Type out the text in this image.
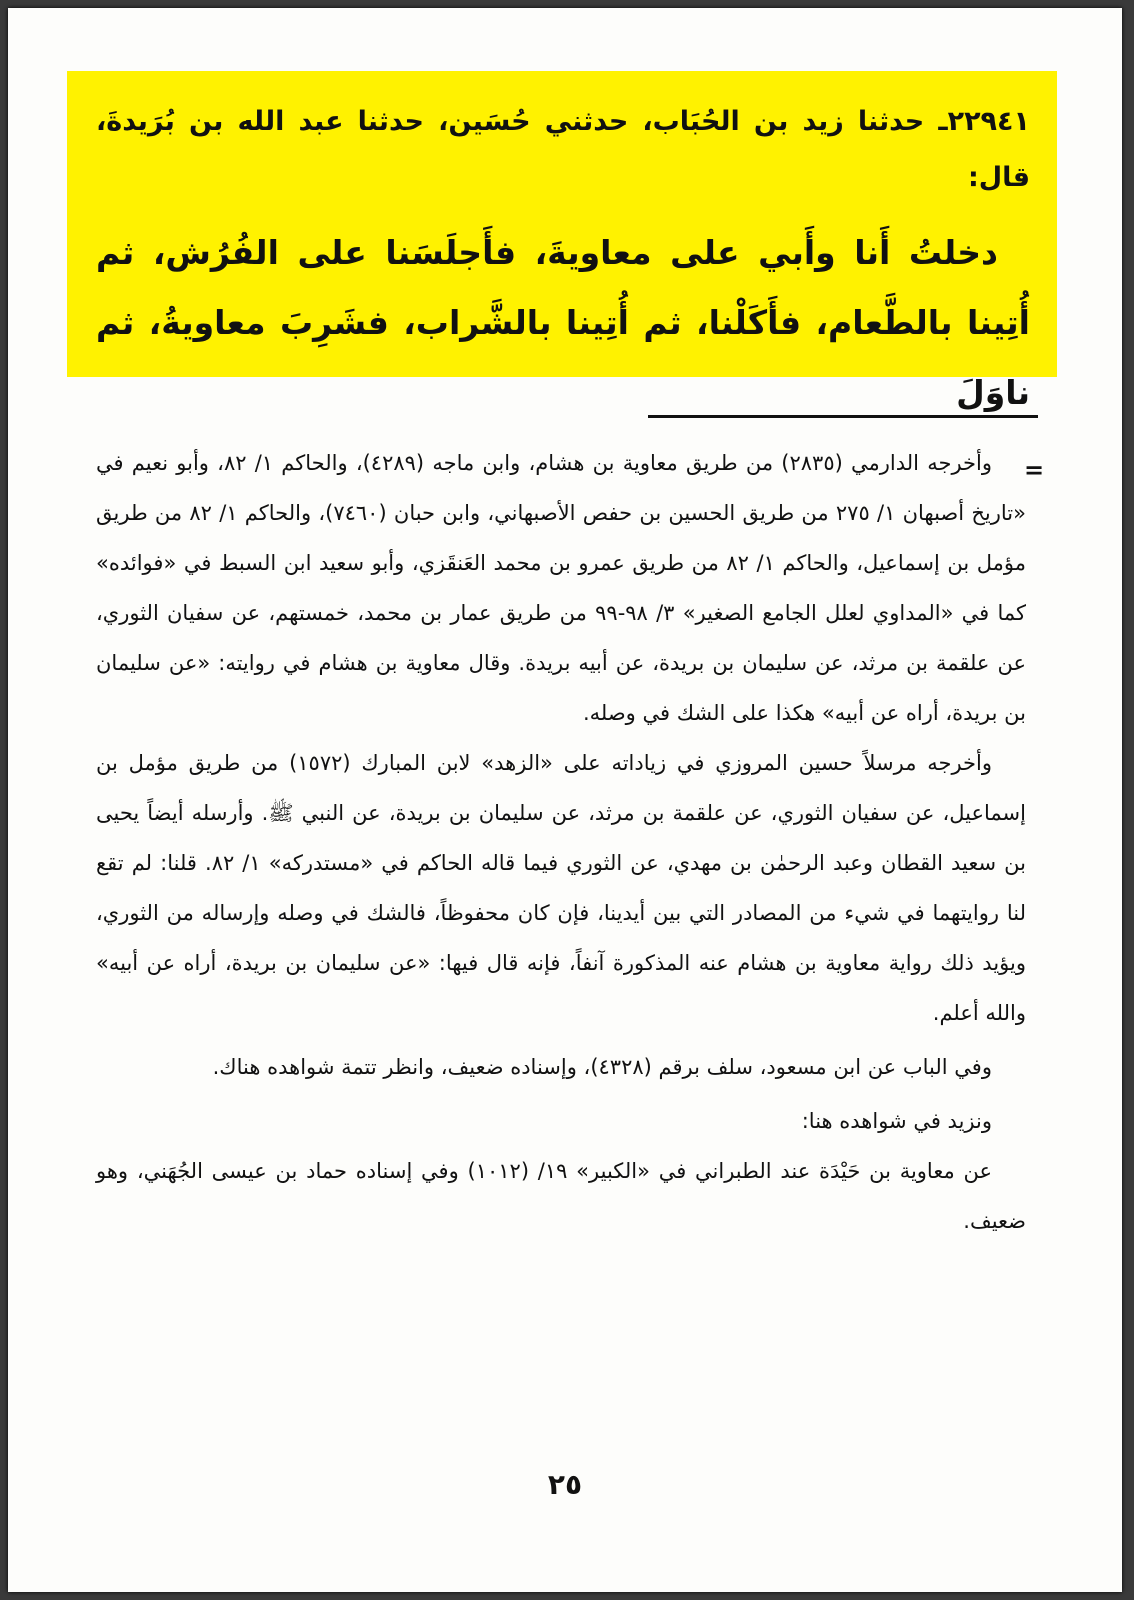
٢٢٩٤١ـ حدثنا زيد بن الحُبَاب، حدثني حُسَين، حدثنا عبد الله بن بُرَيدةَ، قال:

دخلتُ أَنا وأَبي على معاويةَ، فأَجلَسَنا على الفُرُش، ثم أُتِينا بالطَّعام، فأَكَلْنا، ثم أُتِينا بالشَّراب، فشَرِبَ معاويةُ، ثم ناوَلَ

=

وأخرجه الدارمي (٢٨٣٥) من طريق معاوية بن هشام، وابن ماجه (٤٢٨٩)، والحاكم ١/ ٨٢، وأبو نعيم في «تاريخ أصبهان ١/ ٢٧٥ من طريق الحسين بن حفص الأصبهاني، وابن حبان (٧٤٦٠)، والحاكم ١/ ٨٢ من طريق مؤمل بن إسماعيل، والحاكم ١/ ٨٢ من طريق عمرو بن محمد العَنقَزي، وأبو سعيد ابن السبط في «فوائده» كما في «المداوي لعلل الجامع الصغير» ٣/ ٩٨-٩٩ من طريق عمار بن محمد، خمستهم، عن سفيان الثوري، عن علقمة بن مرثد، عن سليمان بن بريدة، عن أبيه بريدة. وقال معاوية بن هشام في روايته: «عن سليمان بن بريدة، أراه عن أبيه» هكذا على الشك في وصله.

وأخرجه مرسلاً حسين المروزي في زياداته على «الزهد» لابن المبارك (١٥٧٢) من طريق مؤمل بن إسماعيل، عن سفيان الثوري، عن علقمة بن مرثد، عن سليمان بن بريدة، عن النبي ﷺ. وأرسله أيضاً يحيى بن سعيد القطان وعبد الرحمٰن بن مهدي، عن الثوري فيما قاله الحاكم في «مستدركه» ١/ ٨٢. قلنا: لم تقع لنا روايتهما في شيء من المصادر التي بين أيدينا، فإن كان محفوظاً، فالشك في وصله وإرساله من الثوري، ويؤيد ذلك رواية معاوية بن هشام عنه المذكورة آنفاً، فإنه قال فيها: «عن سليمان بن بريدة، أراه عن أبيه» والله أعلم.

وفي الباب عن ابن مسعود، سلف برقم (٤٣٢٨)، وإسناده ضعيف، وانظر تتمة شواهده هناك.

ونزيد في شواهده هنا:

عن معاوية بن حَيْدَة عند الطبراني في «الكبير» ١٩/ (١٠١٢) وفي إسناده حماد بن عيسى الجُهَني، وهو ضعيف.

٢٥
